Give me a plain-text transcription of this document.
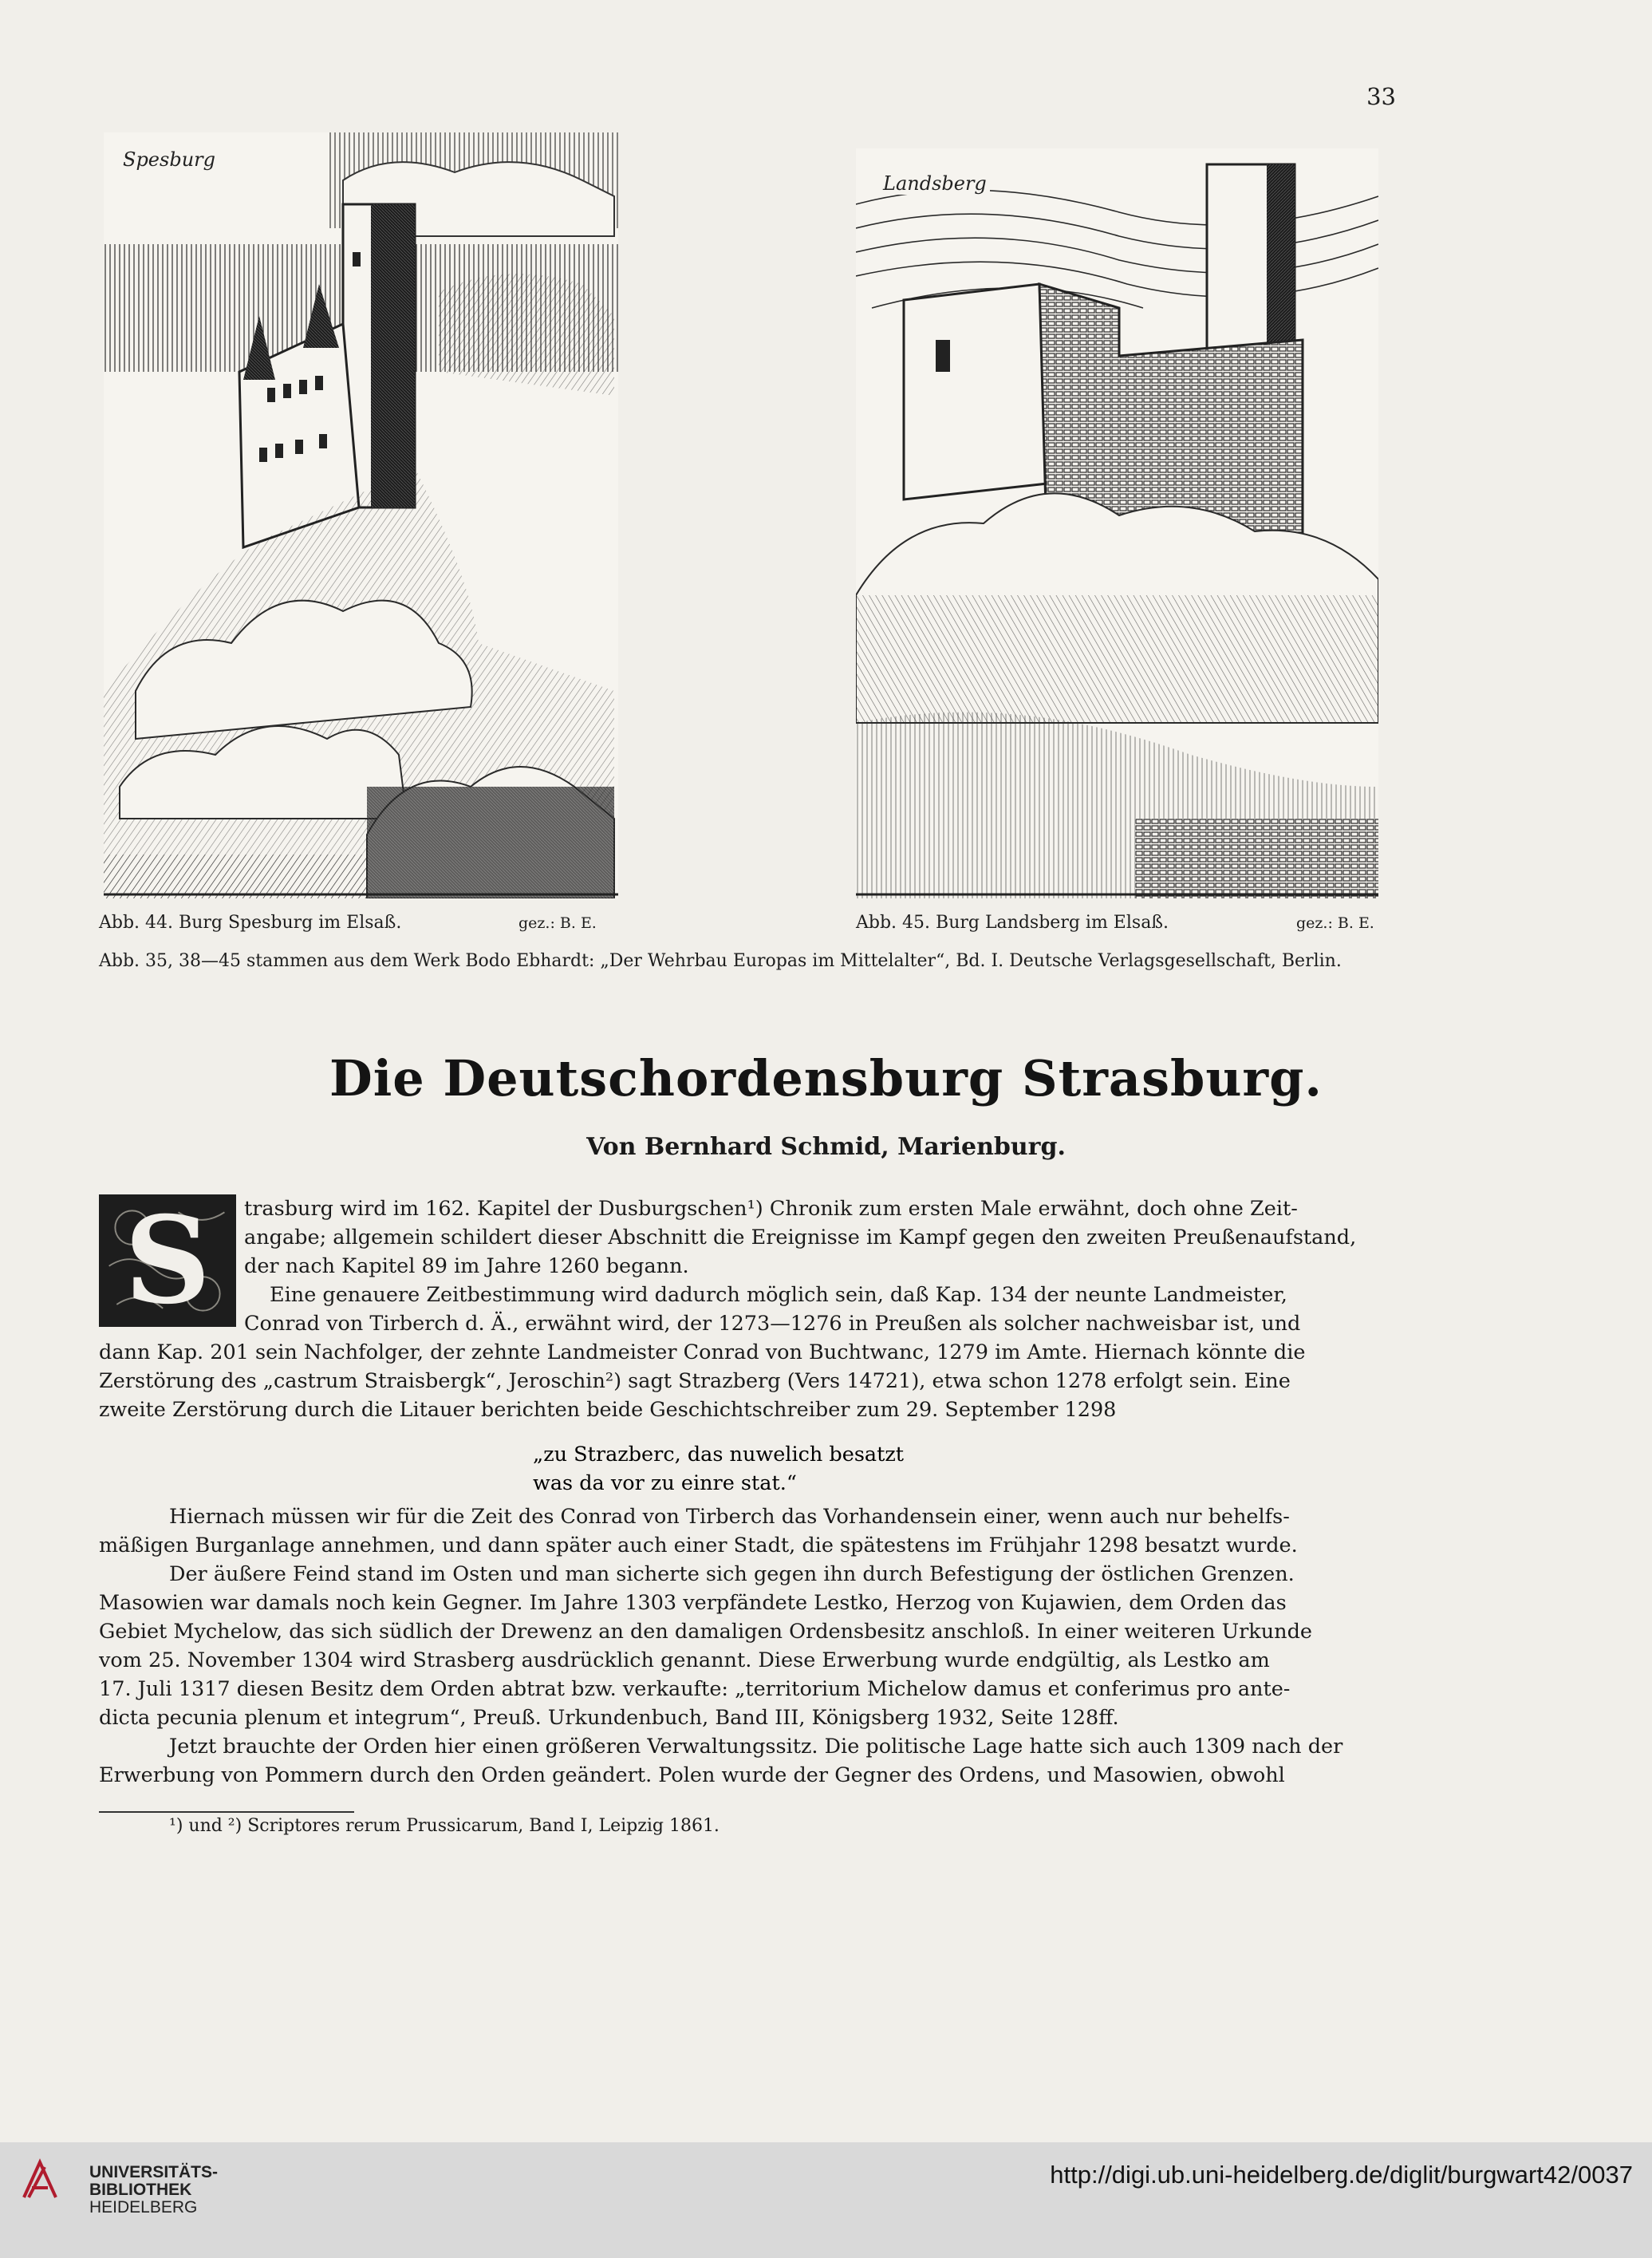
33
Spesburg
Landsberg
Abb. 44. Burg Spesburg im Elsaß.	gez.: B. E.	Abb. 45. Burg Landsberg im Elsaß.	gez.: B. E.
Abb. 35, 38—45 stammen aus dem Werk Bodo Ebhardt: „Der Wehrbau Europas im Mittelalter“, Bd. I. Deutsche Verlagsgesellschaft, Berlin.
Die Deutschordensburg Strasburg.
Von Bernhard Schmid, Marienburg.
S	trasburg wird im 162. Kapitel der Dusburgschen¹) Chronik zum ersten Male erwähnt, doch ohne Zeit-
angabe; allgemein schildert dieser Abschnitt die Ereignisse im Kampf gegen den zweiten Preußenaufstand,
der nach Kapitel 89 im Jahre 1260 begann.
Eine genauere Zeitbestimmung wird dadurch möglich sein, daß Kap. 134 der neunte Landmeister,
Conrad von Tirberch d. Ä., erwähnt wird, der 1273—1276 in Preußen als solcher nachweisbar ist, und
dann Kap. 201 sein Nachfolger, der zehnte Landmeister Conrad von Buchtwanc, 1279 im Amte. Hiernach könnte die
Zerstörung des „castrum Straisbergk“, Jeroschin²) sagt Strazberg (Vers 14721), etwa schon 1278 erfolgt sein. Eine
zweite Zerstörung durch die Litauer berichten beide Geschichtschreiber zum 29. September 1298
„zu Strazberc, das nuwelich besatzt
was da vor zu einre stat.“
Hiernach müssen wir für die Zeit des Conrad von Tirberch das Vorhandensein einer, wenn auch nur behelfs-
mäßigen Burganlage annehmen, und dann später auch einer Stadt, die spätestens im Frühjahr 1298 besatzt wurde.
Der äußere Feind stand im Osten und man sicherte sich gegen ihn durch Befestigung der östlichen Grenzen.
Masowien war damals noch kein Gegner. Im Jahre 1303 verpfändete Lestko, Herzog von Kujawien, dem Orden das
Gebiet Mychelow, das sich südlich der Drewenz an den damaligen Ordensbesitz anschloß. In einer weiteren Urkunde
vom 25. November 1304 wird Strasberg ausdrücklich genannt. Diese Erwerbung wurde endgültig, als Lestko am
17. Juli 1317 diesen Besitz dem Orden abtrat bzw. verkaufte: „territorium Michelow damus et conferimus pro ante-
dicta pecunia plenum et integrum“, Preuß. Urkundenbuch, Band III, Königsberg 1932, Seite 128ff.
Jetzt brauchte der Orden hier einen größeren Verwaltungssitz. Die politische Lage hatte sich auch 1309 nach der
Erwerbung von Pommern durch den Orden geändert. Polen wurde der Gegner des Ordens, und Masowien, obwohl
¹) und ²) Scriptores rerum Prussicarum, Band I, Leipzig 1861.
UNIVERSITÄTS-
BIBLIOTHEK
HEIDELBERG
http://digi.ub.uni-heidelberg.de/diglit/burgwart42/0037
